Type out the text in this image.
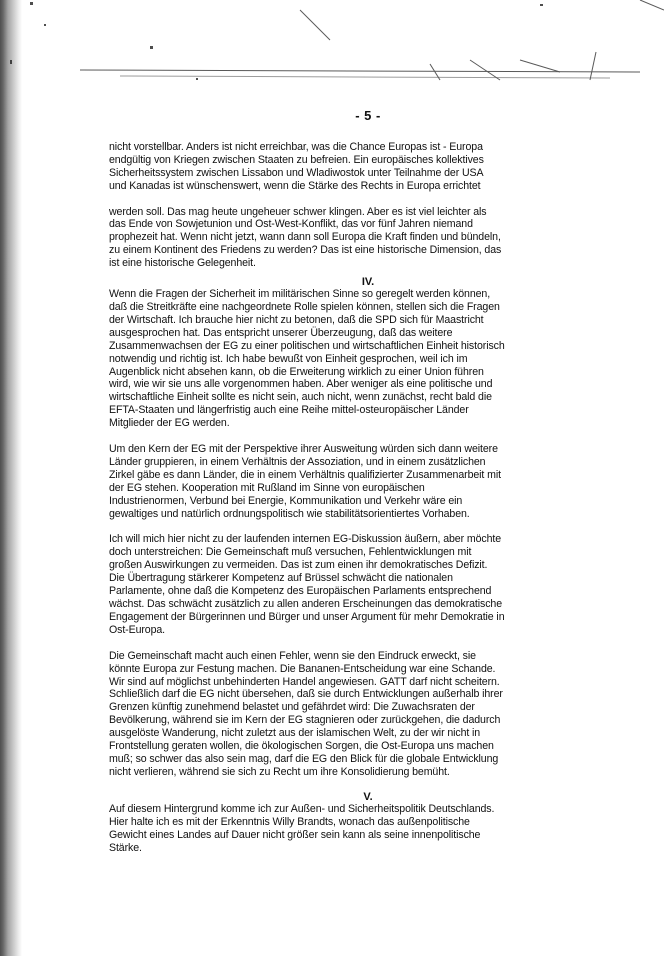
- 5 -

nicht vorstellbar. Anders ist nicht erreichbar, was die Chance Europas ist - Europa
endgültig von Kriegen zwischen Staaten zu befreien. Ein europäisches kollektives
Sicherheitssystem zwischen Lissabon und Wladiwostok unter Teilnahme der USA
und Kanadas ist wünschenswert, wenn die Stärke des Rechts in Europa errichtet

werden soll. Das mag heute ungeheuer schwer klingen. Aber es ist viel leichter als
das Ende von Sowjetunion und Ost-West-Konflikt, das vor fünf Jahren niemand
prophezeit hat. Wenn nicht jetzt, wann dann soll Europa die Kraft finden und bündeln,
zu einem Kontinent des Friedens zu werden? Das ist eine historische Dimension, das
ist eine historische Gelegenheit.

IV.

Wenn die Fragen der Sicherheit im militärischen Sinne so geregelt werden können,
daß die Streitkräfte eine nachgeordnete Rolle spielen können, stellen sich die Fragen
der Wirtschaft. Ich brauche hier nicht zu betonen, daß die SPD sich für Maastricht
ausgesprochen hat. Das entspricht unserer Überzeugung, daß das weitere
Zusammenwachsen der EG zu einer politischen und wirtschaftlichen Einheit historisch
notwendig und richtig ist. Ich habe bewußt von Einheit gesprochen, weil ich im
Augenblick nicht absehen kann, ob die Erweiterung wirklich zu einer Union führen
wird, wie wir sie uns alle vorgenommen haben. Aber weniger als eine politische und
wirtschaftliche Einheit sollte es nicht sein, auch nicht, wenn zunächst, recht bald die
EFTA-Staaten und längerfristig auch eine Reihe mittel-osteuropäischer Länder
Mitglieder der EG werden.

Um den Kern der EG mit der Perspektive ihrer Ausweitung würden sich dann weitere
Länder gruppieren, in einem Verhältnis der Assoziation, und in einem zusätzlichen
Zirkel gäbe es dann Länder, die in einem Verhältnis qualifizierter Zusammenarbeit mit
der EG stehen. Kooperation mit Rußland im Sinne von europäischen
Industrienormen, Verbund bei Energie, Kommunikation und Verkehr wäre ein
gewaltiges und natürlich ordnungspolitisch wie stabilitätsorientiertes Vorhaben.

Ich will mich hier nicht zu der laufenden internen EG-Diskussion äußern, aber möchte
doch unterstreichen: Die Gemeinschaft muß versuchen, Fehlentwicklungen mit
großen Auswirkungen zu vermeiden. Das ist zum einen ihr demokratisches Defizit.
Die Übertragung stärkerer Kompetenz auf Brüssel schwächt die nationalen
Parlamente, ohne daß die Kompetenz des Europäischen Parlaments entsprechend
wächst. Das schwächt zusätzlich zu allen anderen Erscheinungen das demokratische
Engagement der Bürgerinnen und Bürger und unser Argument für mehr Demokratie in
Ost-Europa.

Die Gemeinschaft macht auch einen Fehler, wenn sie den Eindruck erweckt, sie
könnte Europa zur Festung machen. Die Bananen-Entscheidung war eine Schande.
Wir sind auf möglichst unbehinderten Handel angewiesen. GATT darf nicht scheitern.
Schließlich darf die EG nicht übersehen, daß sie durch Entwicklungen außerhalb ihrer
Grenzen künftig zunehmend belastet und gefährdet wird: Die Zuwachsraten der
Bevölkerung, während sie im Kern der EG stagnieren oder zurückgehen, die dadurch
ausgelöste Wanderung, nicht zuletzt aus der islamischen Welt, zu der wir nicht in
Frontstellung geraten wollen, die ökologischen Sorgen, die Ost-Europa uns machen
muß; so schwer das also sein mag, darf die EG den Blick für die globale Entwicklung
nicht verlieren, während sie sich zu Recht um ihre Konsolidierung bemüht.

V.

Auf diesem Hintergrund komme ich zur Außen- und Sicherheitspolitik Deutschlands.
Hier halte ich es mit der Erkenntnis Willy Brandts, wonach das außenpolitische
Gewicht eines Landes auf Dauer nicht größer sein kann als seine innenpolitische
Stärke.
